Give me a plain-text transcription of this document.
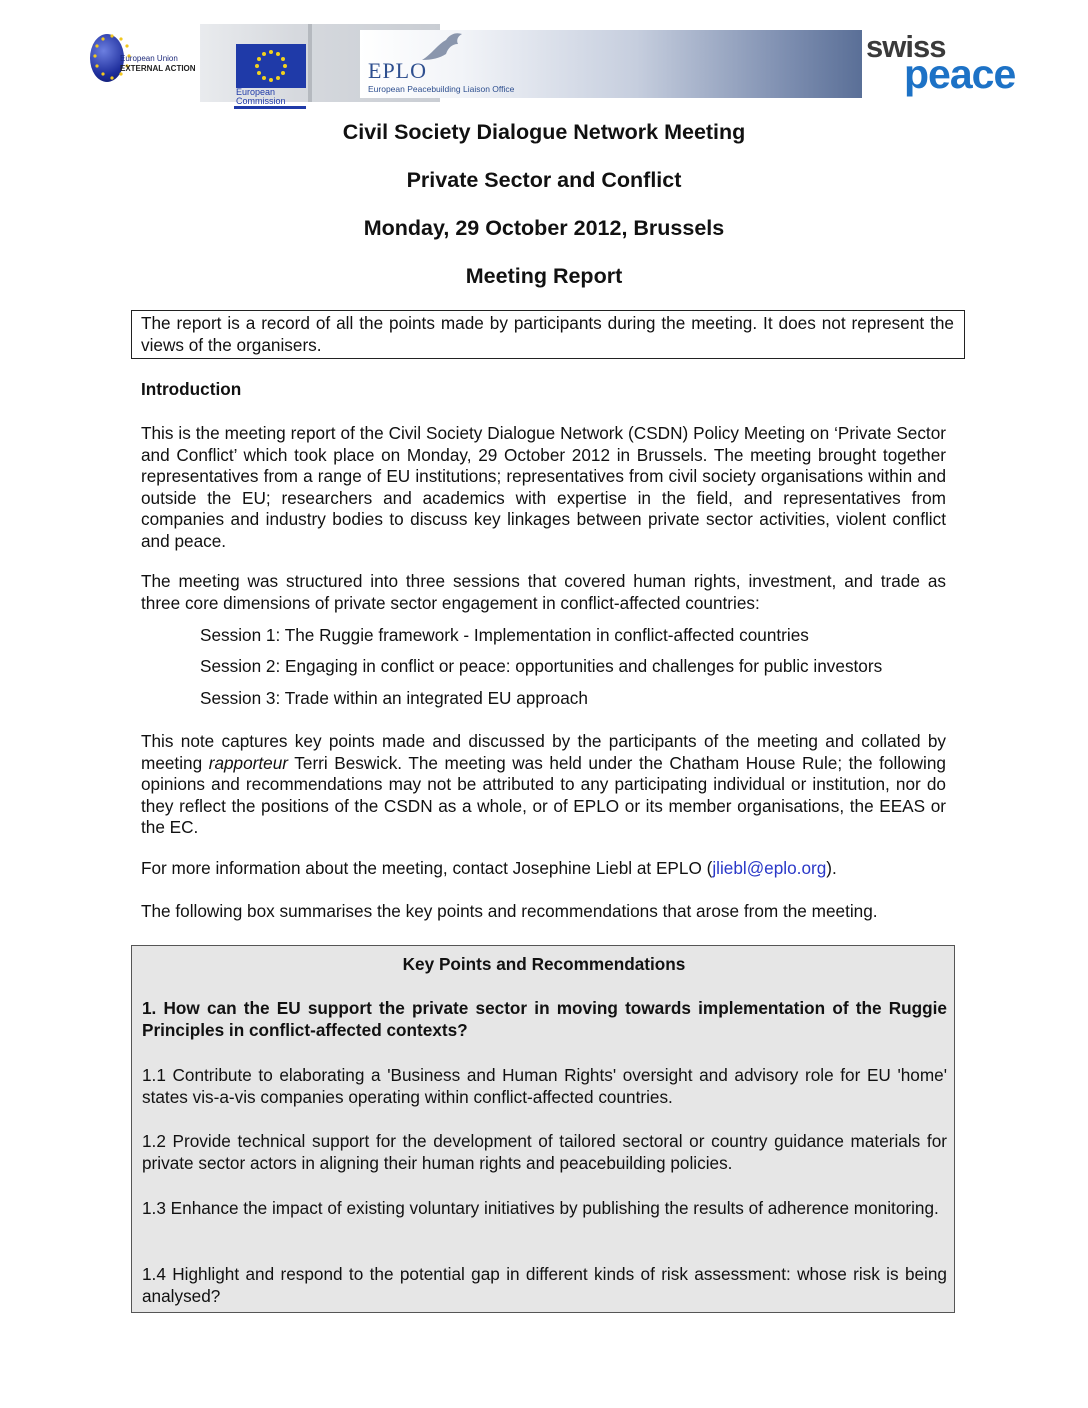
European Union
EXTERNAL ACTION
European
Commission
EPLO
European Peacebuilding Liaison Office
swiss
peace
Civil Society Dialogue Network Meeting
Private Sector and Conflict
Monday, 29 October 2012, Brussels
Meeting Report
The report is a record of all the points made by participants during the meeting. It does not represent the views of the organisers.
Introduction
This is the meeting report of the Civil Society Dialogue Network (CSDN) Policy Meeting on ‘Private Sector and Conflict’ which took place on Monday, 29 October 2012 in Brussels. The meeting brought together representatives from a range of EU institutions; representatives from civil society organisations within and outside the EU; researchers and academics with expertise in the field, and representatives from companies and industry bodies to discuss key linkages between private sector activities, violent conflict and peace.
The meeting was structured into three sessions that covered human rights, investment, and trade as three core dimensions of private sector engagement in conflict-affected countries:
Session 1: The Ruggie framework - Implementation in conflict-affected countries
Session 2: Engaging in conflict or peace: opportunities and challenges for public investors
Session 3: Trade within an integrated EU approach
This note captures key points made and discussed by the participants of the meeting and collated by meeting rapporteur Terri Beswick. The meeting was held under the Chatham House Rule; the following opinions and recommendations may not be attributed to any participating individual or institution, nor do they reflect the positions of the CSDN as a whole, or of EPLO or its member organisations, the EEAS or the EC.
For more information about the meeting, contact Josephine Liebl at EPLO (jliebl@eplo.org).
The following box summarises the key points and recommendations that arose from the meeting.
Key Points and Recommendations
1. How can the EU support the private sector in moving towards implementation of the Ruggie Principles in conflict-affected contexts?
1.1 Contribute to elaborating a 'Business and Human Rights' oversight and advisory role for EU 'home' states vis-a-vis companies operating within conflict-affected countries.
1.2 Provide technical support for the development of tailored sectoral or country guidance materials for private sector actors in aligning their human rights and peacebuilding policies.
1.3 Enhance the impact of existing voluntary initiatives by publishing the results of adherence monitoring.
1.4 Highlight and respond to the potential gap in different kinds of risk assessment: whose risk is being analysed?
